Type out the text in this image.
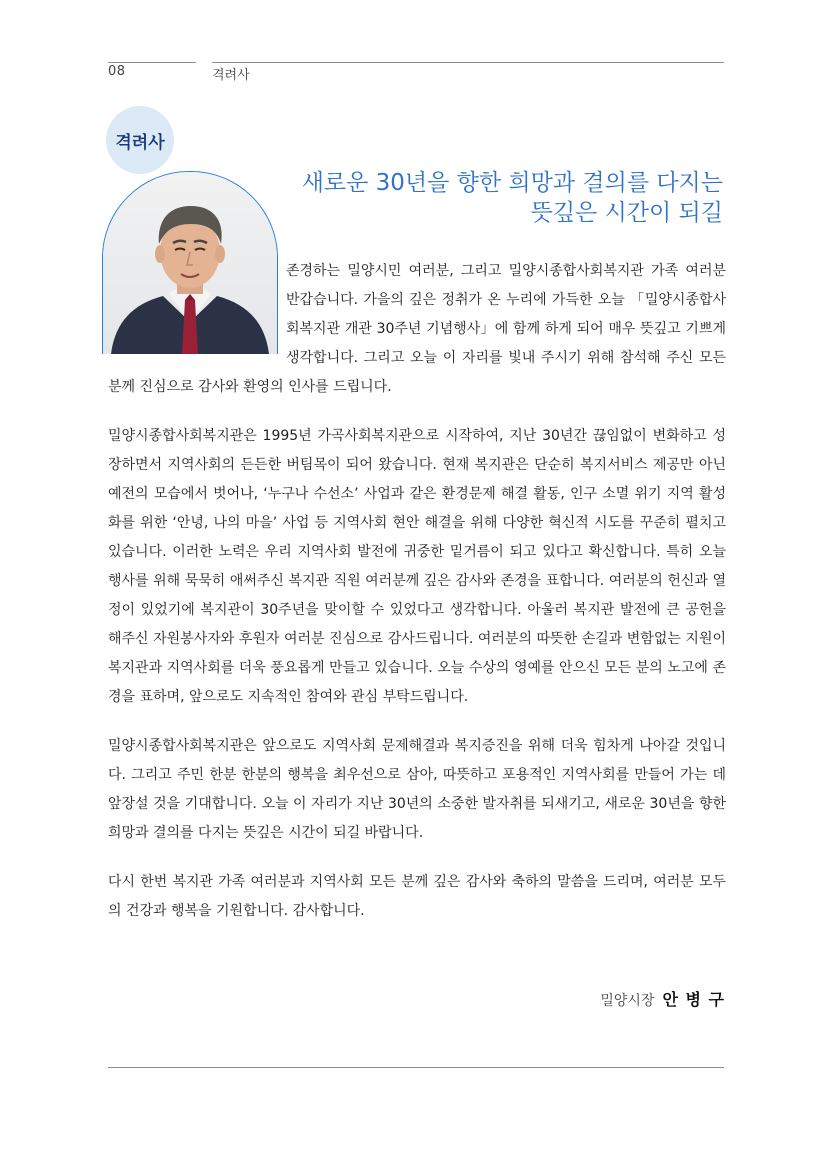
08	격려사
격려사
새로운 30년을 향한 희망과 결의를 다지는
뜻깊은 시간이 되길

존경하는 밀양시민 여러분, 그리고 밀양시종합사회복지관 가족 여러분 반갑습니다. 가을의 깊은 정취가 온 누리에 가득한 오늘 「밀양시종합사회복지관 개관 30주년 기념행사」에 함께 하게 되어 매우 뜻깊고 기쁘게 생각합니다. 그리고 오늘 이 자리를 빛내 주시기 위해 참석해 주신 모든 분께 진심으로 감사와 환영의 인사를 드립니다.

밀양시종합사회복지관은 1995년 가곡사회복지관으로 시작하여, 지난 30년간 끊임없이 변화하고 성장하면서 지역사회의 든든한 버팀목이 되어 왔습니다. 현재 복지관은 단순히 복지서비스 제공만 아닌 예전의 모습에서 벗어나, ‘누구나 수선소’ 사업과 같은 환경문제 해결 활동, 인구 소멸 위기 지역 활성화를 위한 ‘안녕, 나의 마을’ 사업 등 지역사회 현안 해결을 위해 다양한 혁신적 시도를 꾸준히 펼치고 있습니다. 이러한 노력은 우리 지역사회 발전에 귀중한 밑거름이 되고 있다고 확신합니다. 특히 오늘 행사를 위해 묵묵히 애써주신 복지관 직원 여러분께 깊은 감사와 존경을 표합니다. 여러분의 헌신과 열정이 있었기에 복지관이 30주년을 맞이할 수 있었다고 생각합니다. 아울러 복지관 발전에 큰 공헌을 해주신 자원봉사자와 후원자 여러분 진심으로 감사드립니다. 여러분의 따뜻한 손길과 변함없는 지원이 복지관과 지역사회를 더욱 풍요롭게 만들고 있습니다. 오늘 수상의 영예를 안으신 모든 분의 노고에 존경을 표하며, 앞으로도 지속적인 참여와 관심 부탁드립니다.

밀양시종합사회복지관은 앞으로도 지역사회 문제해결과 복지증진을 위해 더욱 힘차게 나아갈 것입니다. 그리고 주민 한분 한분의 행복을 최우선으로 삼아, 따뜻하고 포용적인 지역사회를 만들어 가는 데 앞장설 것을 기대합니다. 오늘 이 자리가 지난 30년의 소중한 발자취를 되새기고, 새로운 30년을 향한 희망과 결의를 다지는 뜻깊은 시간이 되길 바랍니다.

다시 한번 복지관 가족 여러분과 지역사회 모든 분께 깊은 감사와 축하의 말씀을 드리며, 여러분 모두의 건강과 행복을 기원합니다. 감사합니다.

밀양시장 안 병 구
